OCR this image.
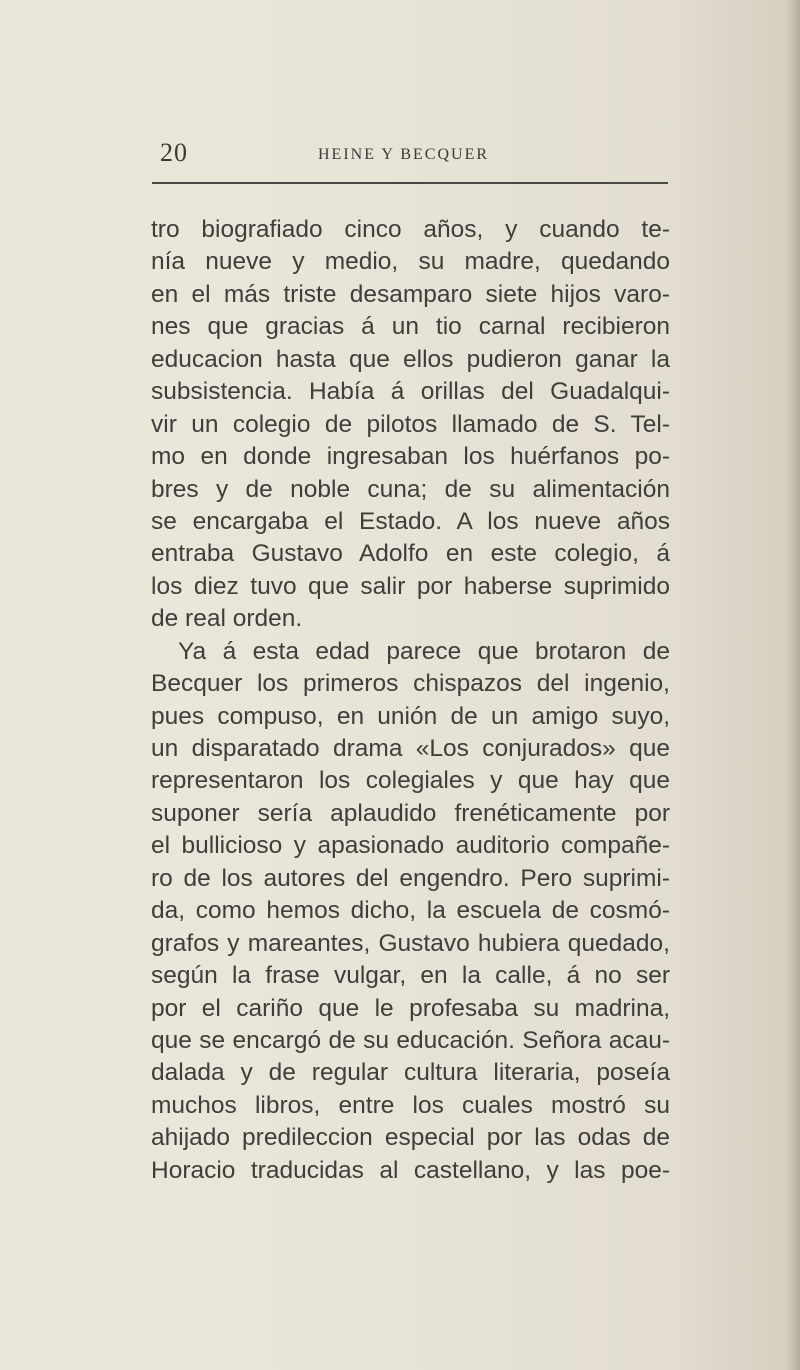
20	HEINE Y BECQUER
tro biografiado cinco años, y cuando te-
nía nueve y medio, su madre, quedando
en el más triste desamparo siete hijos varo-
nes que gracias á un tio carnal recibieron
educacion hasta que ellos pudieron ganar la
subsistencia. Había á orillas del Guadalqui-
vir un colegio de pilotos llamado de S. Tel-
mo en donde ingresaban los huérfanos po-
bres y de noble cuna; de su alimentación
se encargaba el Estado. A los nueve años
entraba Gustavo Adolfo en este colegio, á
los diez tuvo que salir por haberse suprimido
de real orden.
Ya á esta edad parece que brotaron de
Becquer los primeros chispazos del ingenio,
pues compuso, en unión de un amigo suyo,
un disparatado drama «Los conjurados» que
representaron los colegiales y que hay que
suponer sería aplaudido frenéticamente por
el bullicioso y apasionado auditorio compañe-
ro de los autores del engendro. Pero suprimi-
da, como hemos dicho, la escuela de cosmó-
grafos y mareantes, Gustavo hubiera quedado,
según la frase vulgar, en la calle, á no ser
por el cariño que le profesaba su madrina,
que se encargó de su educación. Señora acau-
dalada y de regular cultura literaria, poseía
muchos libros, entre los cuales mostró su
ahijado predileccion especial por las odas de
Horacio traducidas al castellano, y las poe-
